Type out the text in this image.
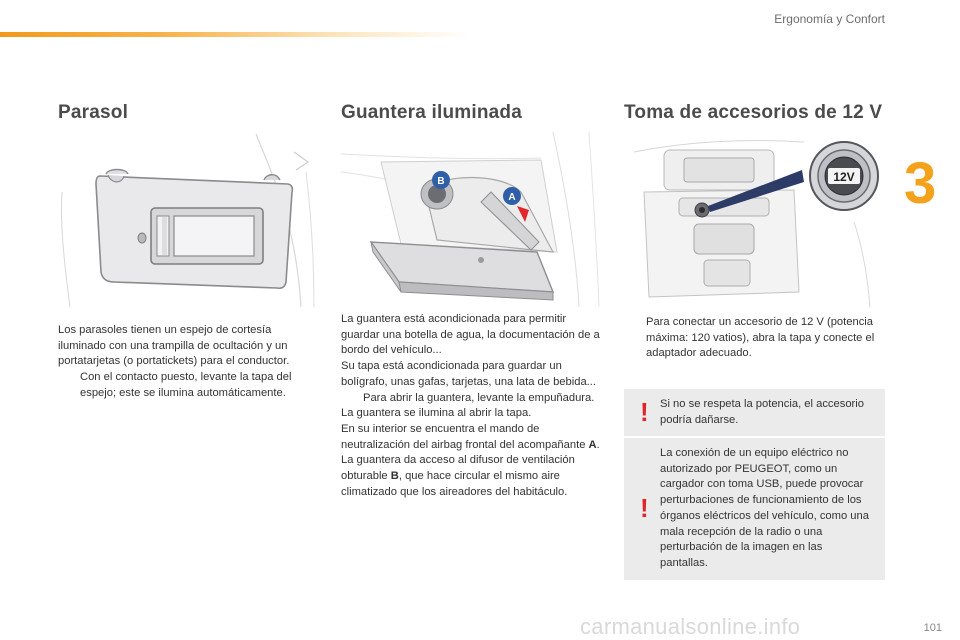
Ergonomía y Confort
3
Parasol

Los parasoles tienen un espejo de cortesía iluminado con una trampilla de ocultación y un portatarjetas (o portatickets) para el conductor.

Con el contacto puesto, levante la tapa del espejo; este se ilumina automáticamente.

Guantera iluminada
B
A

La guantera está acondicionada para permitir guardar una botella de agua, la documentación de a bordo del vehículo...

Su tapa está acondicionada para guardar un bolígrafo, unas gafas, tarjetas, una lata de bebida...

Para abrir la guantera, levante la empuñadura.

La guantera se ilumina al abrir la tapa.

En su interior se encuentra el mando de neutralización del airbag frontal del acompañante A.

La guantera da acceso al difusor de ventilación obturable B, que hace circular el mismo aire climatizado que los aireadores del habitáculo.

Toma de accesorios de 12 V
12V

Para conectar un accesorio de 12 V (potencia máxima: 120 vatios), abra la tapa y conecte el adaptador adecuado.

!	Si no se respeta la potencia, el accesorio podría dañarse.
!
La conexión de un equipo eléctrico no autorizado por PEUGEOT, como un cargador con toma USB, puede provocar perturbaciones de funcionamiento de los órganos eléctricos del vehículo, como una mala recepción de la radio o una perturbación de la imagen en las pantallas.
carmanualsonline.info	101
